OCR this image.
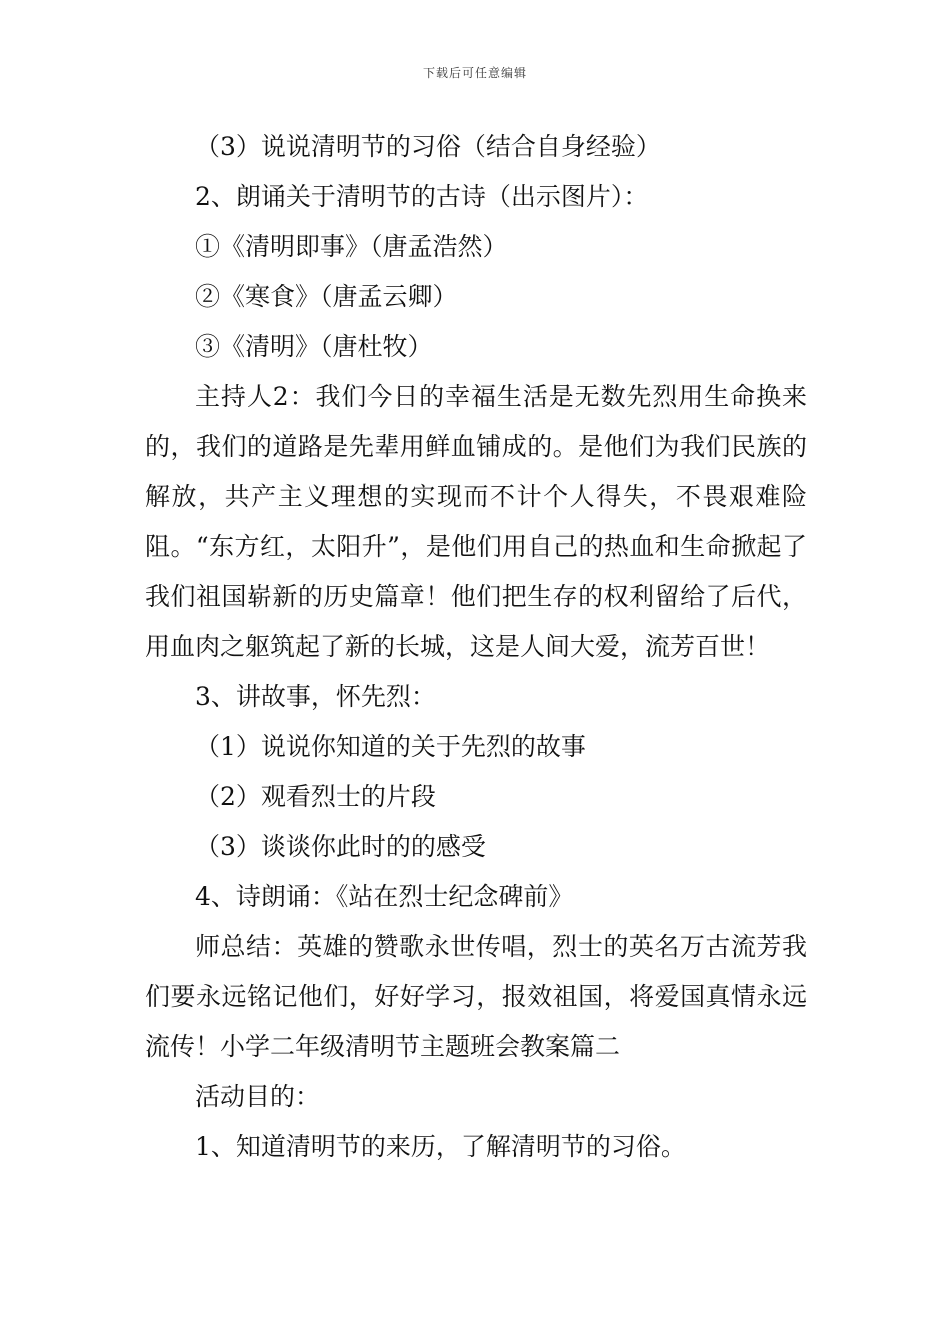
下载后可任意编辑

（3）说说清明节的习俗（结合自身经验）

2、朗诵关于清明节的古诗（出示图片）：

①《清明即事》（唐孟浩然）

②《寒食》（唐孟云卿）

③《清明》（唐杜牧）

主持人2：我们今日的幸福生活是无数先烈用生命换来的，我们的道路是先辈用鲜血铺成的。是他们为我们民族的解放，共产主义理想的实现而不计个人得失，不畏艰难险阻。“东方红，太阳升”，是他们用自己的热血和生命掀起了我们祖国崭新的历史篇章！他们把生存的权利留给了后代，用血肉之躯筑起了新的长城，这是人间大爱，流芳百世！

3、讲故事，怀先烈：

（1）说说你知道的关于先烈的故事

（2）观看烈士的片段

（3）谈谈你此时的的感受

4、诗朗诵：《站在烈士纪念碑前》

师总结：英雄的赞歌永世传唱，烈士的英名万古流芳我们要永远铭记他们，好好学习，报效祖国，将爱国真情永远流传！小学二年级清明节主题班会教案篇二

活动目的：

1、知道清明节的来历，了解清明节的习俗。
